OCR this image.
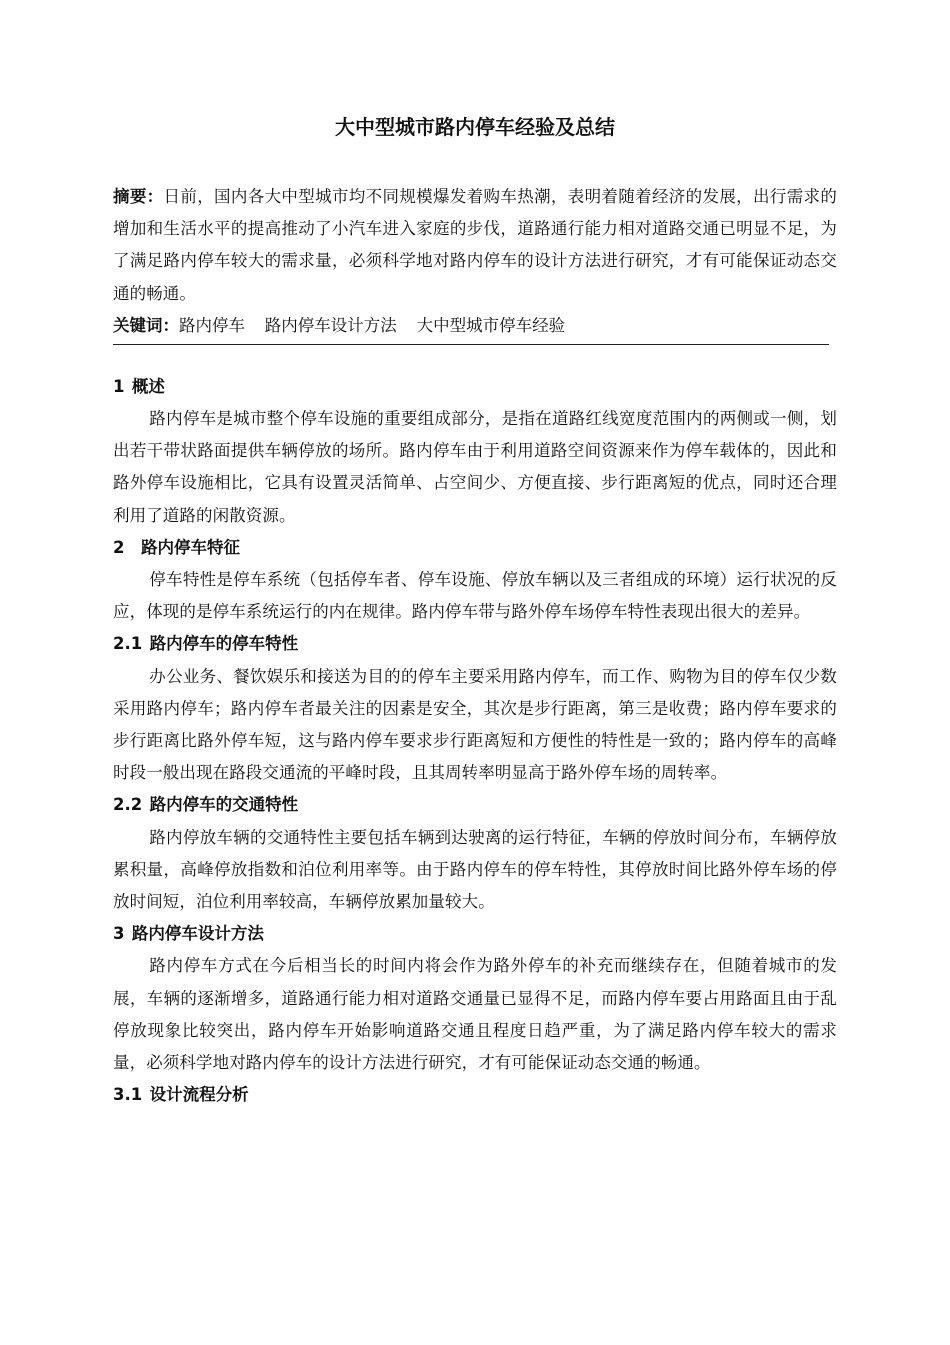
大中型城市路内停车经验及总结

摘要：日前，国内各大中型城市均不同规模爆发着购车热潮，表明着随着经济的发展，出行需求的增加和生活水平的提高推动了小汽车进入家庭的步伐，道路通行能力相对道路交通已明显不足，为了满足路内停车较大的需求量，必须科学地对路内停车的设计方法进行研究，才有可能保证动态交通的畅通。

关键词：路内停车 路内停车设计方法 大中型城市停车经验

1 概述

路内停车是城市整个停车设施的重要组成部分，是指在道路红线宽度范围内的两侧或一侧，划出若干带状路面提供车辆停放的场所。路内停车由于利用道路空间资源来作为停车载体的，因此和路外停车设施相比，它具有设置灵活简单、占空间少、方便直接、步行距离短的优点，同时还合理利用了道路的闲散资源。

2 路内停车特征

停车特性是停车系统（包括停车者、停车设施、停放车辆以及三者组成的环境）运行状况的反应，体现的是停车系统运行的内在规律。路内停车带与路外停车场停车特性表现出很大的差异。

2.1 路内停车的停车特性

办公业务、餐饮娱乐和接送为目的的停车主要采用路内停车，而工作、购物为目的停车仅少数采用路内停车；路内停车者最关注的因素是安全，其次是步行距离，第三是收费；路内停车要求的步行距离比路外停车短，这与路内停车要求步行距离短和方便性的特性是一致的；路内停车的高峰时段一般出现在路段交通流的平峰时段，且其周转率明显高于路外停车场的周转率。

2.2 路内停车的交通特性

路内停放车辆的交通特性主要包括车辆到达驶离的运行特征，车辆的停放时间分布，车辆停放累积量，高峰停放指数和泊位利用率等。由于路内停车的停车特性，其停放时间比路外停车场的停放时间短，泊位利用率较高，车辆停放累加量较大。

3 路内停车设计方法

路内停车方式在今后相当长的时间内将会作为路外停车的补充而继续存在，但随着城市的发展，车辆的逐渐增多，道路通行能力相对道路交通量已显得不足，而路内停车要占用路面且由于乱停放现象比较突出，路内停车开始影响道路交通且程度日趋严重，为了满足路内停车较大的需求量，必须科学地对路内停车的设计方法进行研究，才有可能保证动态交通的畅通。

3.1 设计流程分析
